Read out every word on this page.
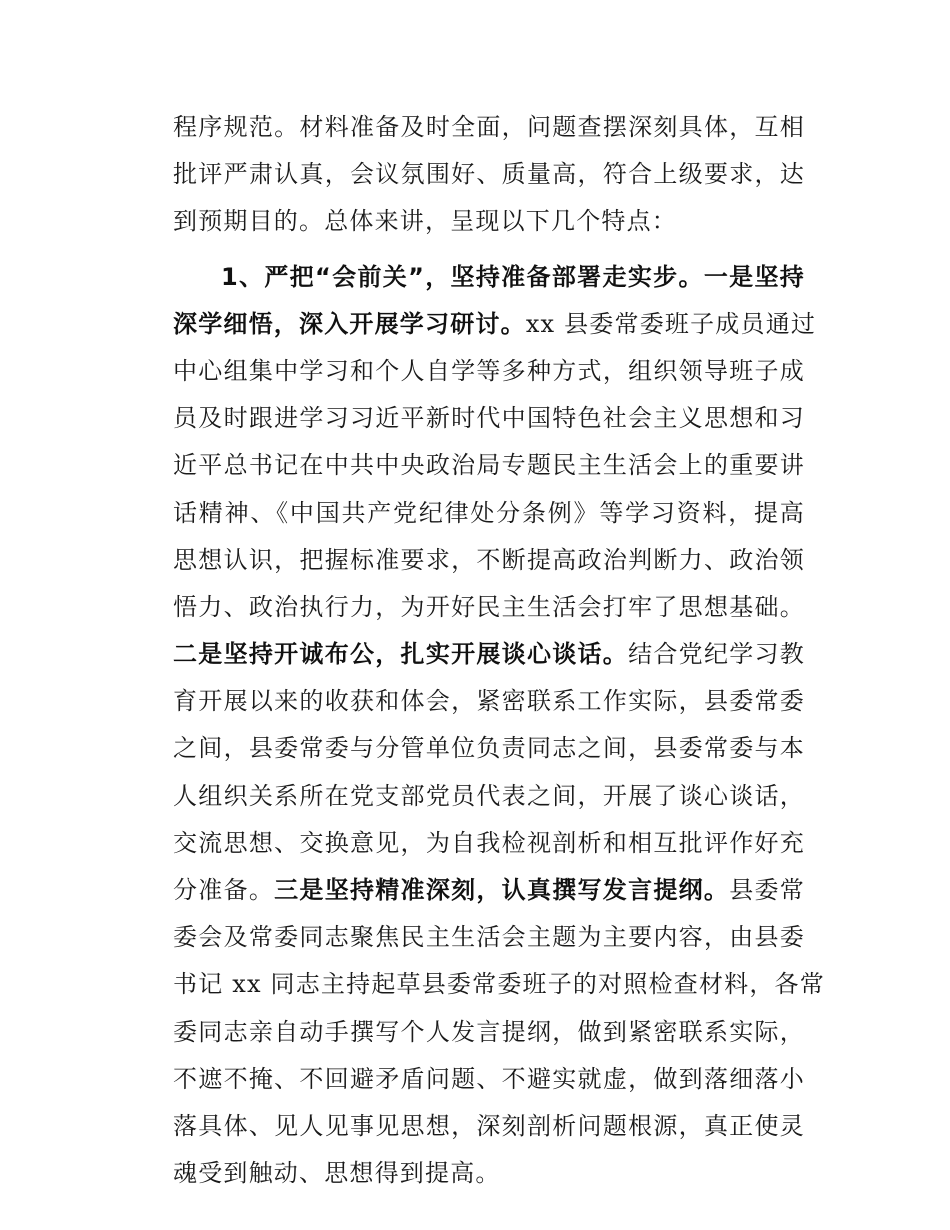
程序规范。材料准备及时全面，问题查摆深刻具体，互相
批评严肃认真，会议氛围好、质量高，符合上级要求，达
到预期目的。总体来讲，呈现以下几个特点：
1、严把“会前关”，坚持准备部署走实步。一是坚持
深学细悟，深入开展学习研讨。xx 县委常委班子成员通过
中心组集中学习和个人自学等多种方式，组织领导班子成
员及时跟进学习习近平新时代中国特色社会主义思想和习
近平总书记在中共中央政治局专题民主生活会上的重要讲
话精神、《中国共产党纪律处分条例》等学习资料，提高
思想认识，把握标准要求，不断提高政治判断力、政治领
悟力、政治执行力，为开好民主生活会打牢了思想基础。
二是坚持开诚布公，扎实开展谈心谈话。结合党纪学习教
育开展以来的收获和体会，紧密联系工作实际，县委常委
之间，县委常委与分管单位负责同志之间，县委常委与本
人组织关系所在党支部党员代表之间，开展了谈心谈话，
交流思想、交换意见，为自我检视剖析和相互批评作好充
分准备。三是坚持精准深刻，认真撰写发言提纲。县委常
委会及常委同志聚焦民主生活会主题为主要内容，由县委
书记 xx 同志主持起草县委常委班子的对照检查材料，各常
委同志亲自动手撰写个人发言提纲，做到紧密联系实际，
不遮不掩、不回避矛盾问题、不避实就虚，做到落细落小
落具体、见人见事见思想，深刻剖析问题根源，真正使灵
魂受到触动、思想得到提高。
